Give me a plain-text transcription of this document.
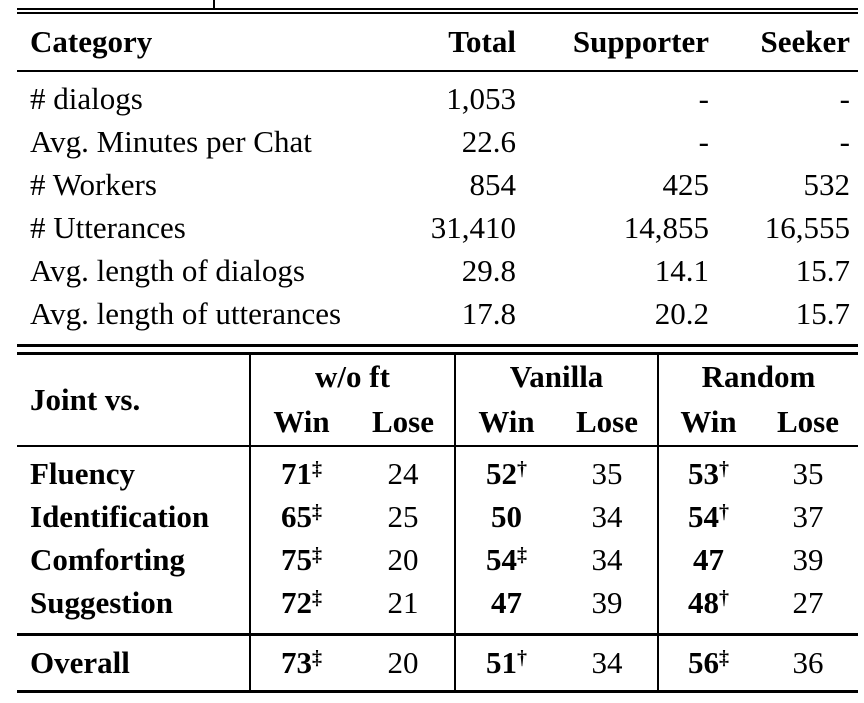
Category	Total	Supporter	Seeker
# dialogs	1,053	-	-
Avg. Minutes per Chat	22.6	-	-
# Workers	854	425	532
# Utterances	31,410	14,855	16,555
Avg. length of dialogs	29.8	14.1	15.7
Avg. length of utterances	17.8	20.2	15.7
Joint vs.	w/o ft		Vanilla		Random	
	Win	Lose	Win	Lose	Win	Lose
Fluency	71‡	24	52†	35	53†	35
Identification	65‡	25	50	34	54†	37
Comforting	75‡	20	54‡	34	47	39
Suggestion	72‡	21	47	39	48†	27
Overall	73‡	20	51†	34	56‡	36
